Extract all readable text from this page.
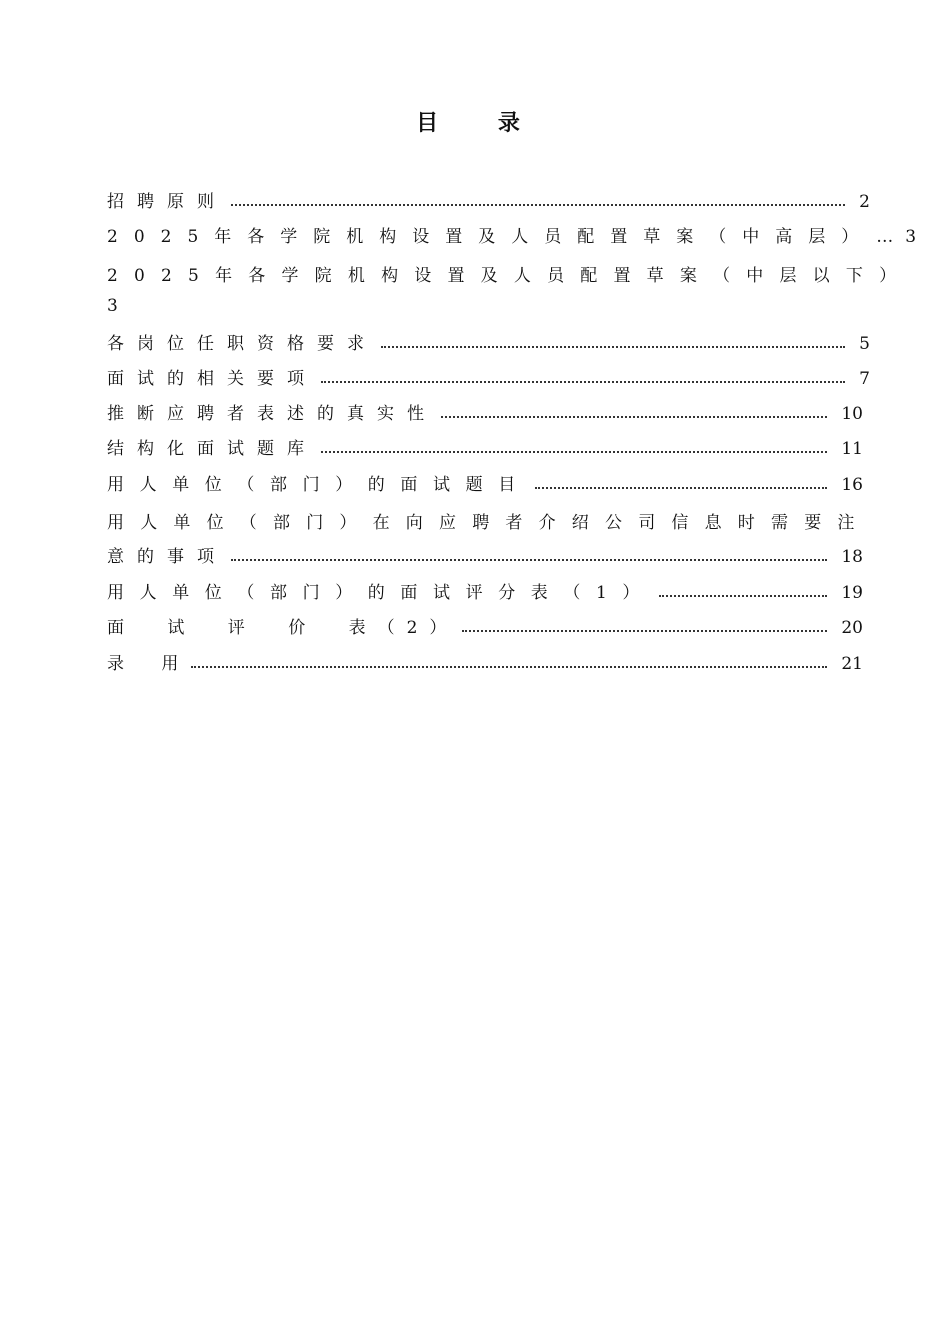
目 录
招聘原则	2
2025年各学院机构设置及人员配置草案（中高层） … 3
2025年各学院机构设置及人员配置草案（中层以下）
3
各岗位任职资格要求	5
面试的相关要项	7
推断应聘者表述的真实性	10
结构化面试题库	11
用人单位（部门）的面试题目	16
用人单位（部门）在向应聘者介绍公司信息时需要注
意的事项	18
用人单位（部门）的面试评分表（1）	19
面 试 评 价 表（2）	20
录 用	21
